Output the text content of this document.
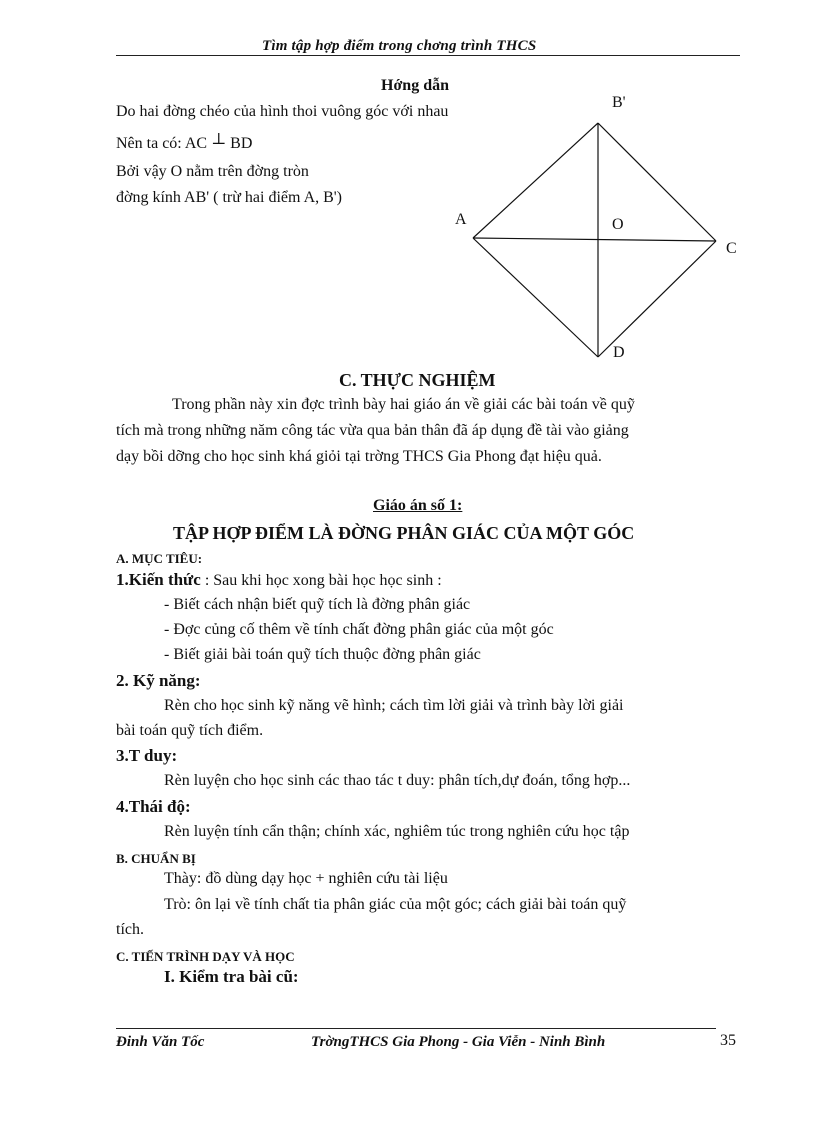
Tìm tập hợp điểm trong chơng trình THCS
Hớng dẫn
Do hai đờng chéo của hình thoi vuông góc với nhau
Nên ta có: AC ⊥ BD
Bởi vậy O nằm trên đờng tròn
đờng kính AB' ( trừ hai điểm A, B')
B'
A	O
C
D
C. THỰC NGHIỆM
Trong phần này xin đợc trình bày hai giáo án về giải các bài toán về quỹ
tích mà trong những năm công tác vừa qua bản thân đã áp dụng đề tài vào giảng
dạy bồi dỡng cho học sinh khá giỏi tại trờng THCS Gia Phong đạt hiệu quả.
Giáo án số 1:
TẬP HỢP ĐIỂM LÀ ĐỜNG PHÂN GIÁC CỦA MỘT GÓC
A. MỤC TIÊU:
1.Kiến thức : Sau khi học xong bài học học sinh :
- Biết cách nhận biết quỹ tích là đờng phân giác
- Đợc củng cố thêm về tính chất đờng phân giác của một góc
- Biết giải bài toán quỹ tích thuộc đờng phân giác
2. Kỹ năng:
Rèn cho học sinh kỹ năng vẽ hình; cách tìm lời giải và trình bày lời giải
bài toán quỹ tích điểm.
3.T duy:
Rèn luyện cho học sinh các thao tác t duy: phân tích,dự đoán, tổng hợp...
4.Thái độ:
Rèn luyện tính cẩn thận; chính xác, nghiêm túc trong nghiên cứu học tập
B. CHUẨN BỊ
Thày: đồ dùng dạy học + nghiên cứu tài liệu
Trò: ôn lại về tính chất tia phân giác của một góc; cách giải bài toán quỹ
tích.
C. TIẾN TRÌNH DẠY VÀ HỌC
I. Kiểm tra bài cũ:
Đinh Văn Tốc	TrờngTHCS Gia Phong - Gia Viễn - Ninh Bình	35
